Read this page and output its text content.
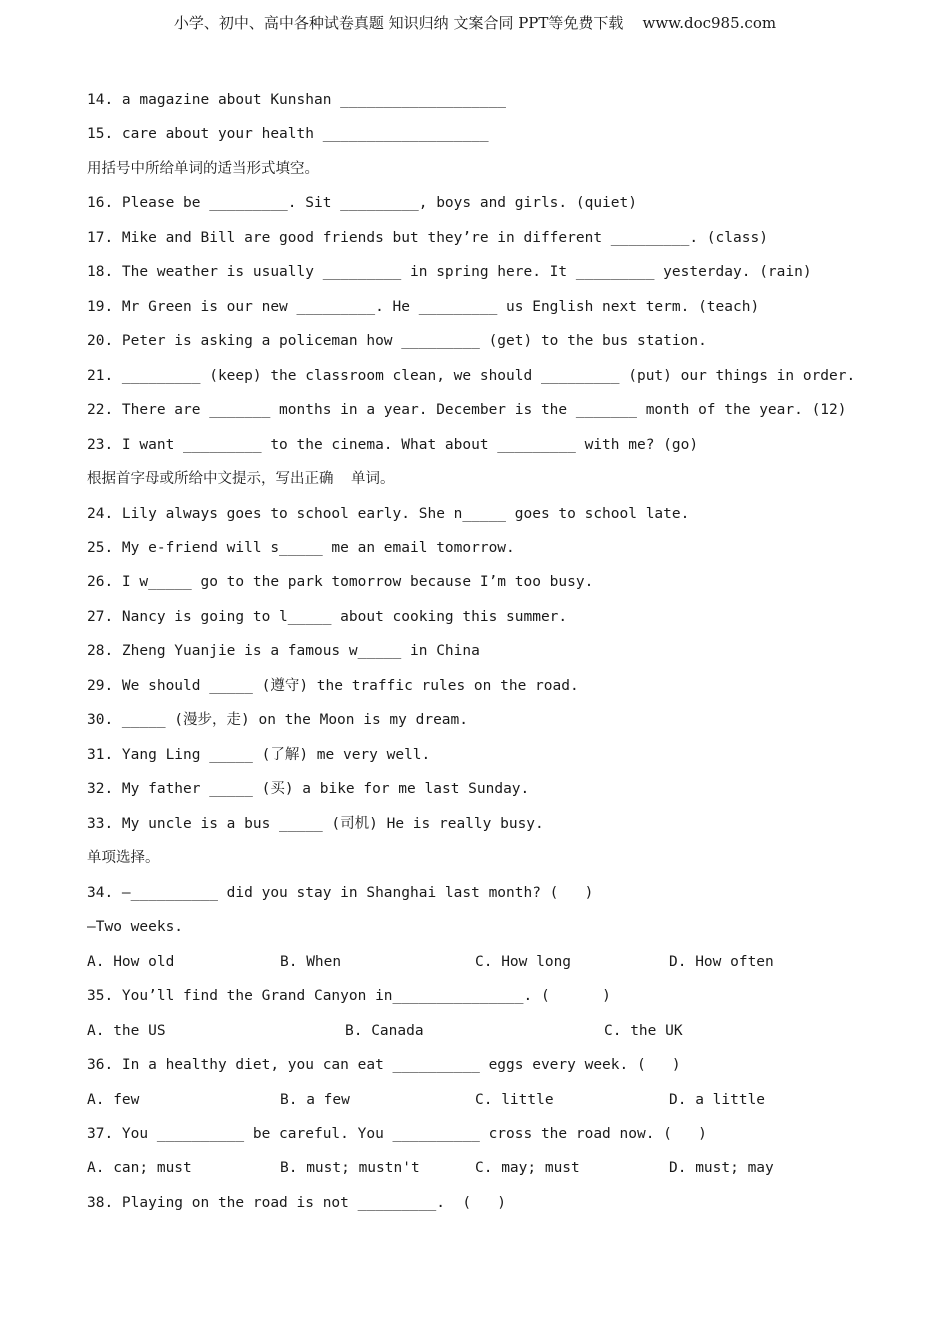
小学、初中、高中各种试卷真题 知识归纳 文案合同 PPT等免费下载    www.doc985.com
14. a magazine about Kunshan ___________________
15. care about your health ___________________
用括号中所给单词的适当形式填空。
16. Please be _________. Sit _________, boys and girls. (quiet)
17. Mike and Bill are good friends but they’re in different _________. (class)
18. The weather is usually _________ in spring here. It _________ yesterday. (rain)
19. Mr Green is our new _________. He _________ us English next term. (teach)
20. Peter is asking a policeman how _________ (get) to the bus station.
21. _________ (keep) the classroom clean, we should _________ (put) our things in order.
22. There are _______ months in a year. December is the _______ month of the year. (12)
23. I want _________ to the cinema. What about _________ with me? (go)
根据首字母或所给中文提示，写出正确  单词。
24. Lily always goes to school early. She n_____ goes to school late.
25. My e-friend will s_____ me an email tomorrow.
26. I w_____ go to the park tomorrow because I’m too busy.
27. Nancy is going to l_____ about cooking this summer.
28. Zheng Yuanjie is a famous w_____ in China
29. We should _____ (遵守) the traffic rules on the road.
30. _____ (漫步，走) on the Moon is my dream.
31. Yang Ling _____ (了解) me very well.
32. My father _____ (买) a bike for me last Sunday.
33. My uncle is a bus _____ (司机) He is really busy.
单项选择。
34. —__________ did you stay in Shanghai last month? (   )
—Two weeks.
A. How old	B. When	C. How long	D. How often
35. You’ll find the Grand Canyon in_______________. (      )
A. the US	B. Canada	C. the UK
36. In a healthy diet, you can eat __________ eggs every week. (   )
A. few	B. a few	C. little	D. a little
37. You __________ be careful. You __________ cross the road now. (   )
A. can; must	B. must; mustn't	C. may; must	D. must; may
38. Playing on the road is not _________.  (   )
